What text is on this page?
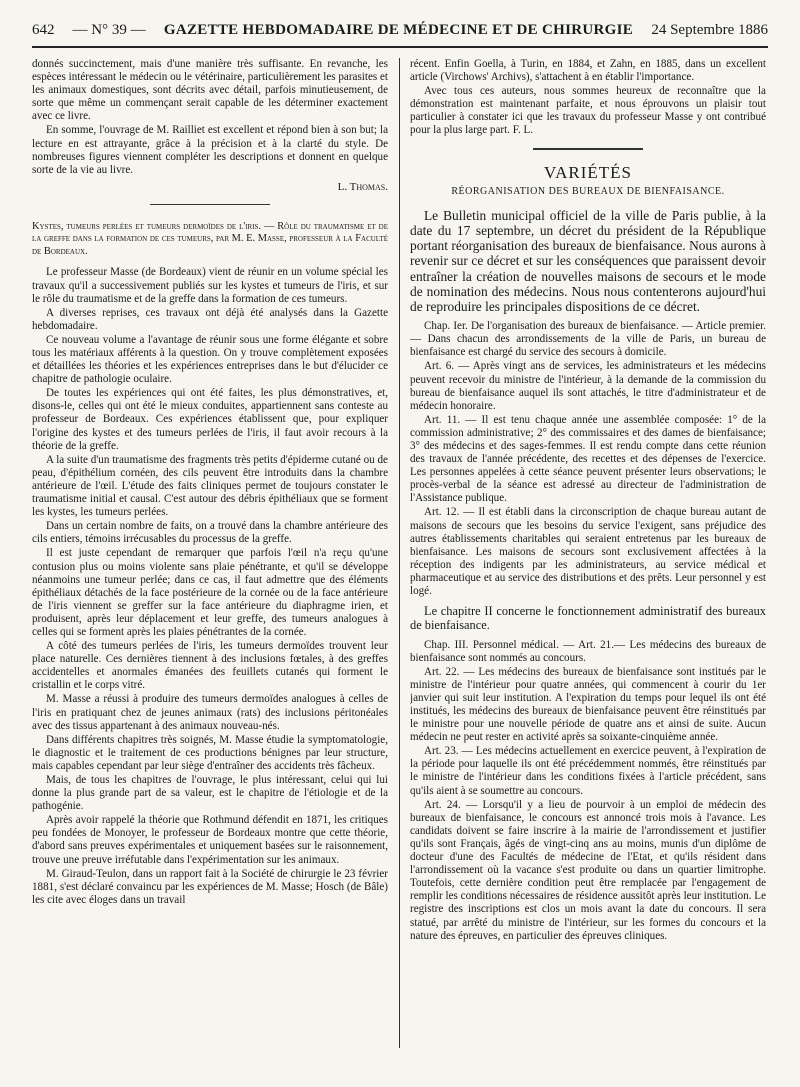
642 — N° 39 — GAZETTE HEBDOMADAIRE DE MÉDECINE ET DE CHIRURGIE 24 Septembre 1886

donnés succinctement, mais d'une manière très suffisante. En revanche, les espèces intéressant le médecin ou le vétérinaire, particulièrement les parasites et les animaux domestiques, sont décrits avec détail, parfois minutieusement, de sorte que même un commençant serait capable de les déterminer exactement avec ce livre.

En somme, l'ouvrage de M. Railliet est excellent et répond bien à son but; la lecture en est attrayante, grâce à la précision et à la clarté du style. De nombreuses figures viennent compléter les descriptions et donnent en quelque sorte de la vie au livre.

L. Thomas.

Kystes, tumeurs perlées et tumeurs dermoïdes de l'iris. — Rôle du traumatisme et de la greffe dans la formation de ces tumeurs, par M. E. Masse, professeur à la Faculté de Bordeaux.

Le professeur Masse (de Bordeaux) vient de réunir en un volume spécial les travaux qu'il a successivement publiés sur les kystes et tumeurs de l'iris, et sur le rôle du traumatisme et de la greffe dans la formation de ces tumeurs.

A diverses reprises, ces travaux ont déjà été analysés dans la Gazette hebdomadaire.

Ce nouveau volume a l'avantage de réunir sous une forme élégante et sobre tous les matériaux afférents à la question. On y trouve complètement exposées et détaillées les théories et les expériences entreprises dans le but d'élucider ce chapitre de pathologie oculaire.

De toutes les expériences qui ont été faites, les plus démonstratives, et, disons-le, celles qui ont été le mieux conduites, appartiennent sans conteste au professeur de Bordeaux. Ces expériences établissent que, pour expliquer l'origine des kystes et des tumeurs perlées de l'iris, il faut avoir recours à la théorie de la greffe.

A la suite d'un traumatisme des fragments très petits d'épiderme cutané ou de peau, d'épithélium cornéen, des cils peuvent être introduits dans la chambre antérieure de l'œil. L'étude des faits cliniques permet de toujours constater le traumatisme initial et causal. C'est autour des débris épithéliaux que se forment les kystes, les tumeurs perlées.

Dans un certain nombre de faits, on a trouvé dans la chambre antérieure des cils entiers, témoins irrécusables du processus de la greffe.

Il est juste cependant de remarquer que parfois l'œil n'a reçu qu'une contusion plus ou moins violente sans plaie pénétrante, et qu'il se développe néanmoins une tumeur perlée; dans ce cas, il faut admettre que des éléments épithéliaux détachés de la face postérieure de la cornée ou de la face antérieure de l'iris viennent se greffer sur la face antérieure du diaphragme irien, et produisent, après leur déplacement et leur greffe, des tumeurs analogues à celles qui se forment après les plaies pénétrantes de la cornée.

A côté des tumeurs perlées de l'iris, les tumeurs dermoïdes trouvent leur place naturelle. Ces dernières tiennent à des inclusions fœtales, à des greffes accidentelles et anormales émanées des feuillets cutanés qui forment le cristallin et le corps vitré.

M. Masse a réussi à produire des tumeurs dermoïdes analogues à celles de l'iris en pratiquant chez de jeunes animaux (rats) des inclusions péritonéales avec des tissus appartenant à des animaux nouveau-nés.

Dans différents chapitres très soignés, M. Masse étudie la symptomatologie, le diagnostic et le traitement de ces productions bénignes par leur structure, mais capables cependant par leur siège d'entraîner des accidents très fâcheux.

Mais, de tous les chapitres de l'ouvrage, le plus intéressant, celui qui lui donne la plus grande part de sa valeur, est le chapitre de l'étiologie et de la pathogénie.

Après avoir rappelé la théorie que Rothmund défendit en 1871, les critiques peu fondées de Monoyer, le professeur de Bordeaux montre que cette théorie, d'abord sans preuves expérimentales et uniquement basées sur le raisonnement, trouve une preuve irréfutable dans l'expérimentation sur les animaux.

M. Giraud-Teulon, dans un rapport fait à la Société de chirurgie le 23 février 1881, s'est déclaré convaincu par les expériences de M. Masse; Hosch (de Bâle) les cite avec éloges dans un travail

récent. Enfin Goella, à Turin, en 1884, et Zahn, en 1885, dans un excellent article (Virchows' Archivs), s'attachent à en établir l'importance.

Avec tous ces auteurs, nous sommes heureux de reconnaître que la démonstration est maintenant parfaite, et nous éprouvons un plaisir tout particulier à constater ici que les travaux du professeur Masse y ont contribué pour la plus large part. F. L.

VARIÉTÉS
RÉORGANISATION DES BUREAUX DE BIENFAISANCE.

Le Bulletin municipal officiel de la ville de Paris publie, à la date du 17 septembre, un décret du président de la République portant réorganisation des bureaux de bienfaisance. Nous aurons à revenir sur ce décret et sur les conséquences que paraissent devoir entraîner la création de nouvelles maisons de secours et le mode de nomination des médecins. Nous nous contenterons aujourd'hui de reproduire les principales dispositions de ce décret.

Chap. Ier. De l'organisation des bureaux de bienfaisance. — Article premier. — Dans chacun des arrondissements de la ville de Paris, un bureau de bienfaisance est chargé du service des secours à domicile.

Art. 6. — Après vingt ans de services, les administrateurs et les médecins peuvent recevoir du ministre de l'intérieur, à la demande de la commission du bureau de bienfaisance auquel ils sont attachés, le titre d'administrateur et de médecin honoraire.

Art. 11. — Il est tenu chaque année une assemblée composée: 1° de la commission administrative; 2° des commissaires et des dames de bienfaisance; 3° des médecins et des sages-femmes. Il est rendu compte dans cette réunion des travaux de l'année précédente, des recettes et des dépenses de l'exercice. Les personnes appelées à cette séance peuvent présenter leurs observations; le procès-verbal de la séance est adressé au directeur de l'administration de l'Assistance publique.

Art. 12. — Il est établi dans la circonscription de chaque bureau autant de maisons de secours que les besoins du service l'exigent, sans préjudice des autres établissements charitables qui seraient entretenus par les bureaux de bienfaisance. Les maisons de secours sont exclusivement affectées à la réception des indigents par les administrateurs, au service médical et pharmaceutique et au service des distributions et des prêts. Leur personnel y est logé.

Le chapitre II concerne le fonctionnement administratif des bureaux de bienfaisance.

Chap. III. Personnel médical. — Art. 21.— Les médecins des bureaux de bienfaisance sont nommés au concours.

Art. 22. — Les médecins des bureaux de bienfaisance sont institués par le ministre de l'intérieur pour quatre années, qui commencent à courir du 1er janvier qui suit leur institution. A l'expiration du temps pour lequel ils ont été institués, les médecins des bureaux de bienfaisance peuvent être réinstitués par le ministre pour une nouvelle période de quatre ans et ainsi de suite. Aucun médecin ne peut rester en activité après sa soixante-cinquième année.

Art. 23. — Les médecins actuellement en exercice peuvent, à l'expiration de la période pour laquelle ils ont été précédemment nommés, être réinstitués par le ministre de l'intérieur dans les conditions fixées à l'article précédent, sans qu'ils aient à se soumettre au concours.

Art. 24. — Lorsqu'il y a lieu de pourvoir à un emploi de médecin des bureaux de bienfaisance, le concours est annoncé trois mois à l'avance. Les candidats doivent se faire inscrire à la mairie de l'arrondissement et justifier qu'ils sont Français, âgés de vingt-cinq ans au moins, munis d'un diplôme de docteur d'une des Facultés de médecine de l'Etat, et qu'ils résident dans l'arrondissement où la vacance s'est produite ou dans un quartier limitrophe. Toutefois, cette dernière condition peut être remplacée par l'engagement de remplir les conditions nécessaires de résidence aussitôt après leur institution. Le registre des inscriptions est clos un mois avant la date du concours. Il sera statué, par arrêté du ministre de l'intérieur, sur les formes du concours et la nature des épreuves, en particulier des épreuves cliniques.
